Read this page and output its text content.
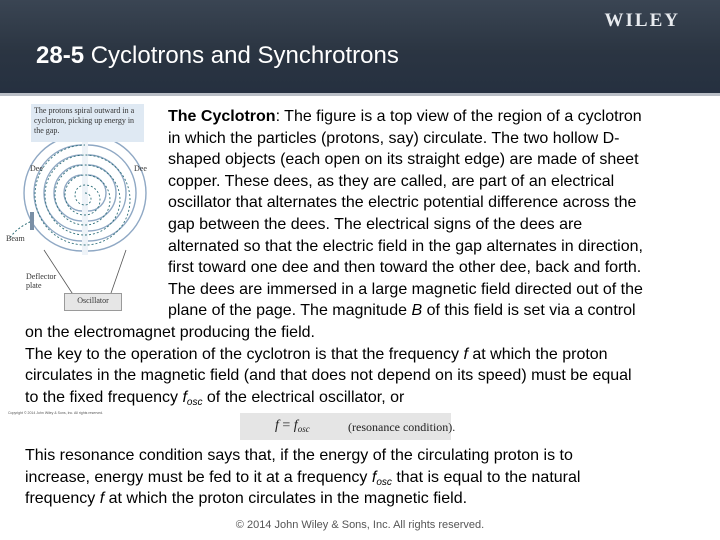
WILEY
28-5 Cyclotrons and Synchrotrons
The protons spiral outward in a cyclotron, picking up energy in the gap.
Dee	Dee
Beam
Deflector plate
Oscillator
Copyright © 2014 John Wiley & Sons, Inc. All rights reserved.
The Cyclotron: The figure is a top view of the region of a cyclotron
in which the particles (protons, say) circulate. The two hollow D-
shaped objects (each open on its straight edge) are made of sheet
copper. These dees, as they are called, are part of an electrical
oscillator that alternates the electric potential difference across the
gap between the dees. The electrical signs of the dees are
alternated so that the electric field in the gap alternates in direction,
first toward one dee and then toward the other dee, back and forth.
The dees are immersed in a large magnetic field directed out of the
plane of the page. The magnitude B of this field is set via a control
on the electromagnet producing the field.
The key to the operation of the cyclotron is that the frequency f at which the proton
circulates in the magnetic field (and that does not depend on its speed) must be equal
to the fixed frequency $f_{osc}$ of the electrical oscillator, or
$f = f_{osc}$	(resonance condition).
This resonance condition says that, if the energy of the circulating proton is to
increase, energy must be fed to it at a frequency $f_{osc}$ that is equal to the natural
frequency f at which the proton circulates in the magnetic field.
© 2014 John Wiley & Sons, Inc. All rights reserved.
